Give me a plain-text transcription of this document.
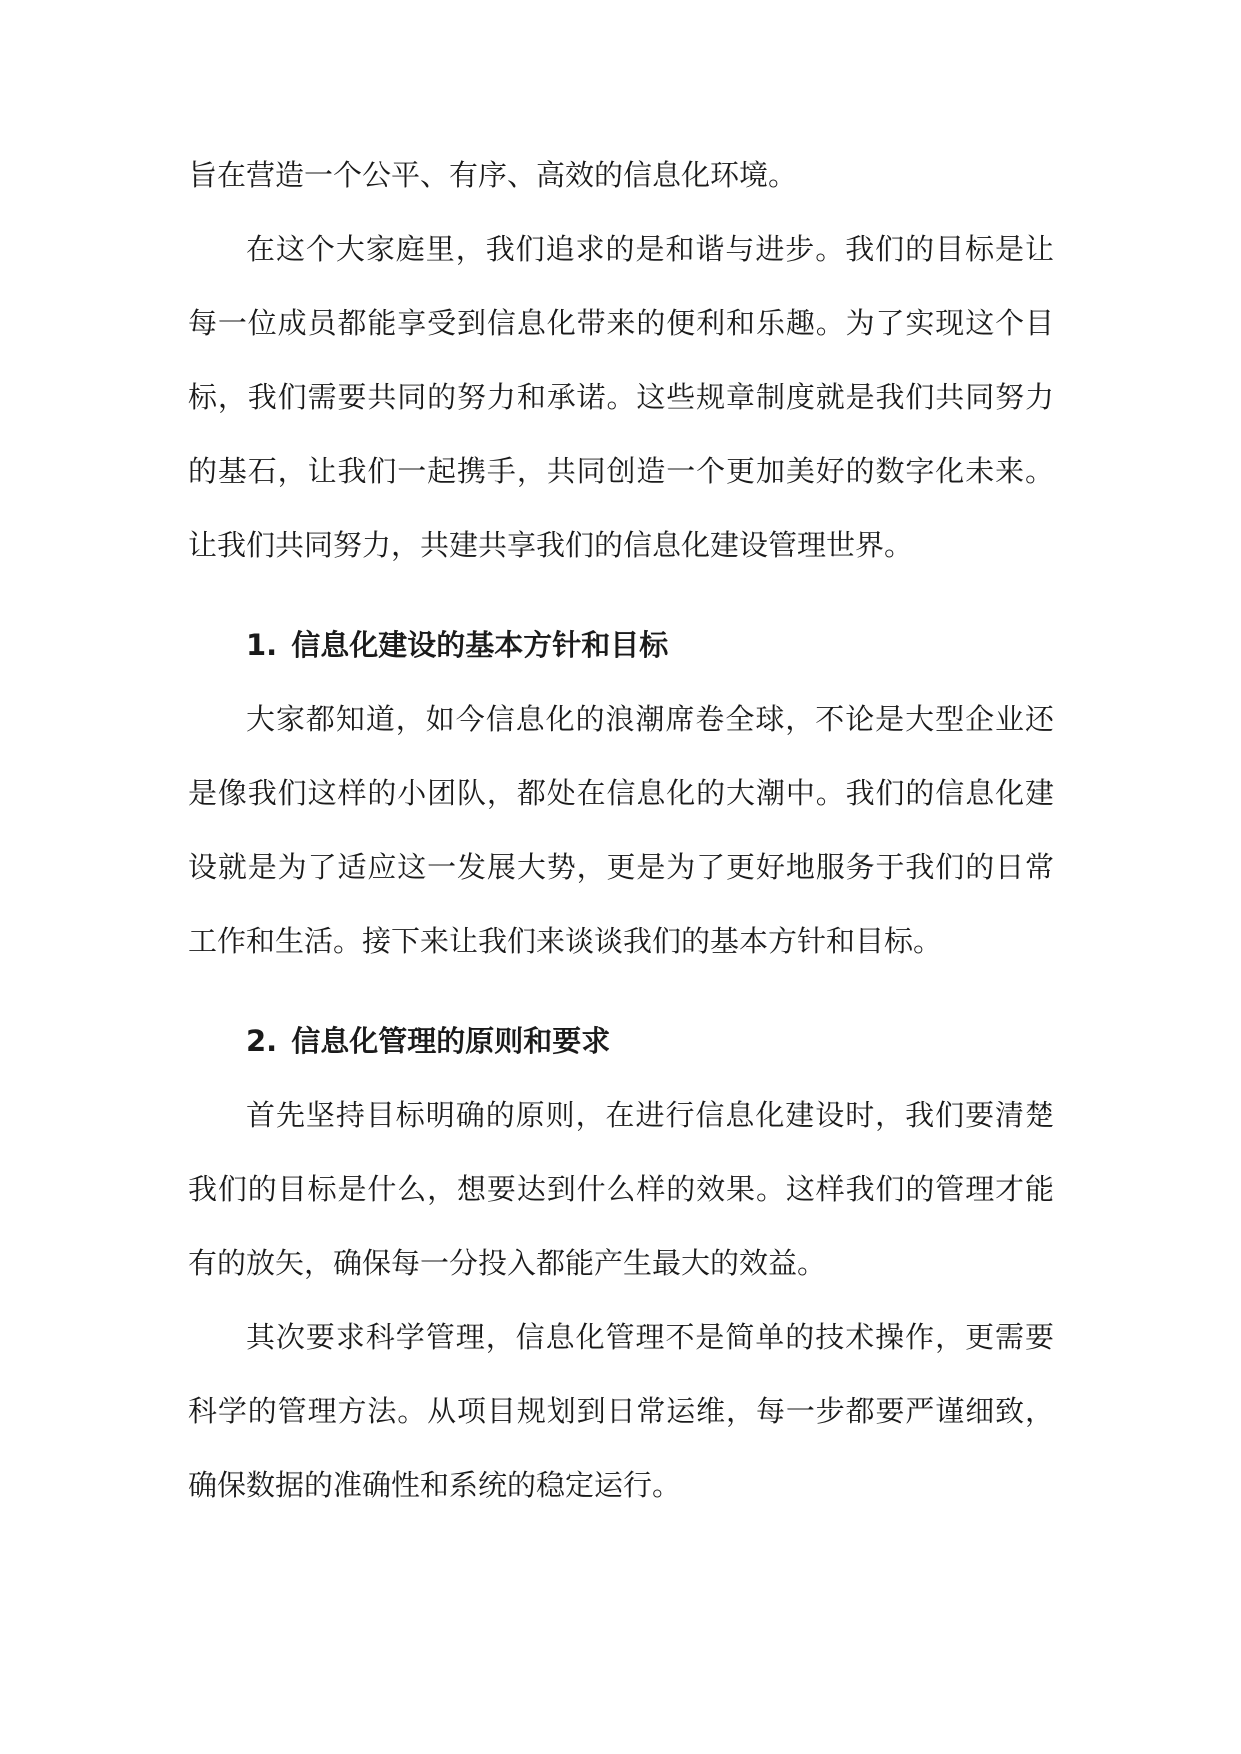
旨在营造一个公平、有序、高效的信息化环境。

在这个大家庭里，我们追求的是和谐与进步。我们的目标是让每一位成员都能享受到信息化带来的便利和乐趣。为了实现这个目标，我们需要共同的努力和承诺。这些规章制度就是我们共同努力的基石，让我们一起携手，共同创造一个更加美好的数字化未来。让我们共同努力，共建共享我们的信息化建设管理世界。

1. 信息化建设的基本方针和目标

大家都知道，如今信息化的浪潮席卷全球，不论是大型企业还是像我们这样的小团队，都处在信息化的大潮中。我们的信息化建设就是为了适应这一发展大势，更是为了更好地服务于我们的日常工作和生活。接下来让我们来谈谈我们的基本方针和目标。

2. 信息化管理的原则和要求

首先坚持目标明确的原则，在进行信息化建设时，我们要清楚我们的目标是什么，想要达到什么样的效果。这样我们的管理才能有的放矢，确保每一分投入都能产生最大的效益。

其次要求科学管理，信息化管理不是简单的技术操作，更需要科学的管理方法。从项目规划到日常运维，每一步都要严谨细致，确保数据的准确性和系统的稳定运行。
